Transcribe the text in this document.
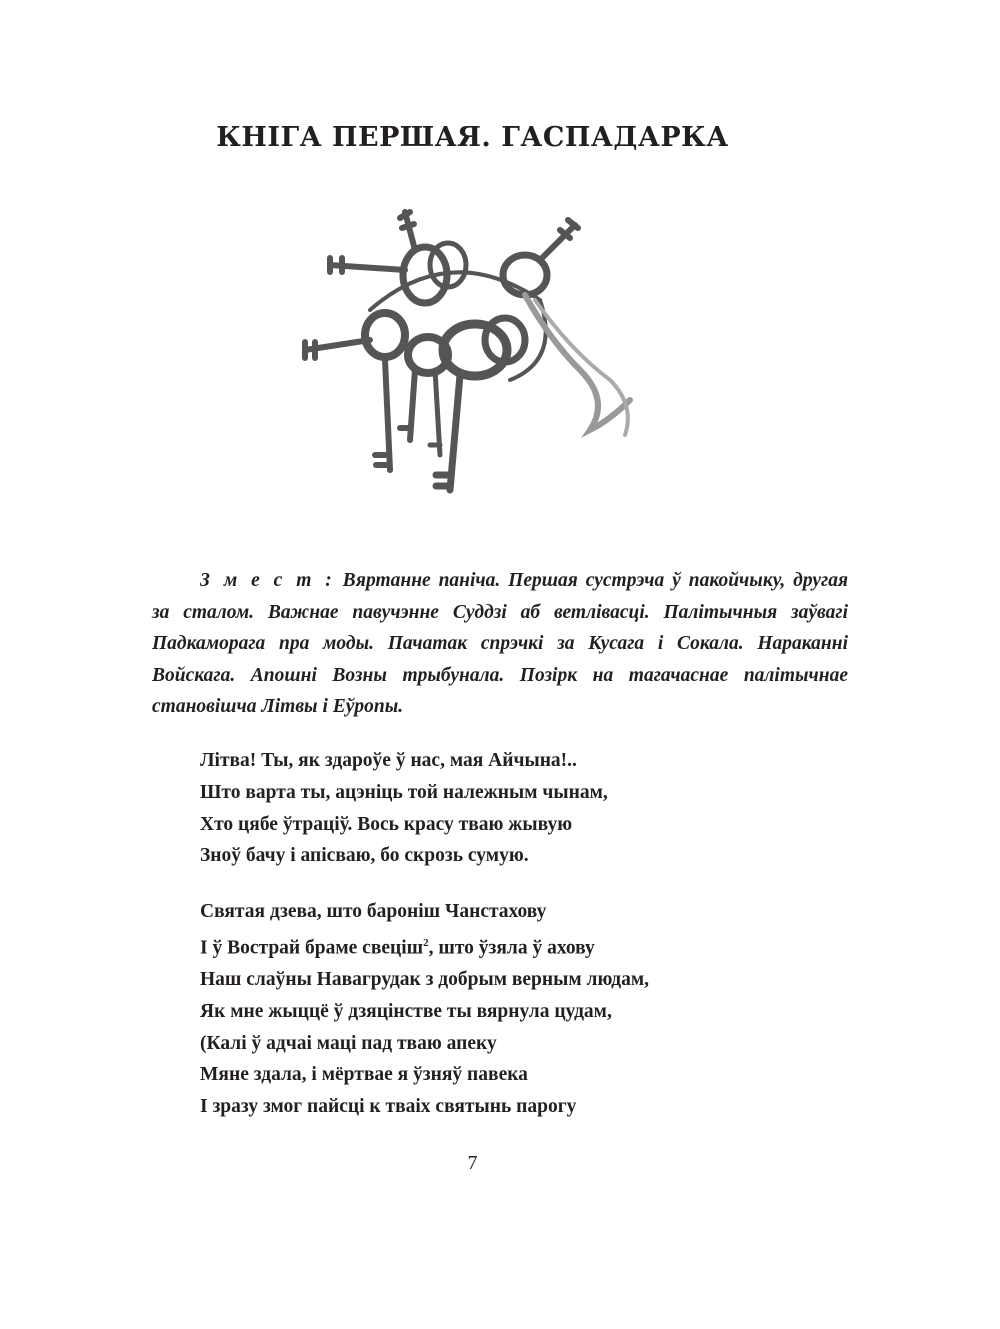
КНІГА ПЕРШАЯ. ГАСПАДАРКА
З м е с т : Вяртанне паніча. Першая сустрэча ў пакойчыку, другая
за сталом. Важнае павучэнне Суддзі аб ветлівасці. Палітычныя заўвагі
Падкаморага пра моды. Пачатак спрэчкі за Кусага і Сокала. Нараканні
Войскага. Апошні Возны трыбунала. Позірк на тагачаснае палітычнае
становішча Літвы і Еўропы.
Літва! Ты, як здароўе ў нас, мая Айчына!..
Што варта ты, ацэніць той належным чынам,
Хто цябе ўтраціў. Вось красу тваю жывую
Зноў бачу і апісваю, бо скрозь сумую.
Святая дзева, што бароніш Чанстахову
І ў Вострай браме свеціш$^2$, што ўзяла ў ахову
Наш слаўны Навагрудак з добрым верным людам,
Як мне жыццё ў дзяцінстве ты вярнула цудам,
(Калі ў адчаі маці пад тваю апеку
Мяне здала, і мёртвае я ўзняў павека
І зразу змог пайсці к тваіх святынь парогу
7
